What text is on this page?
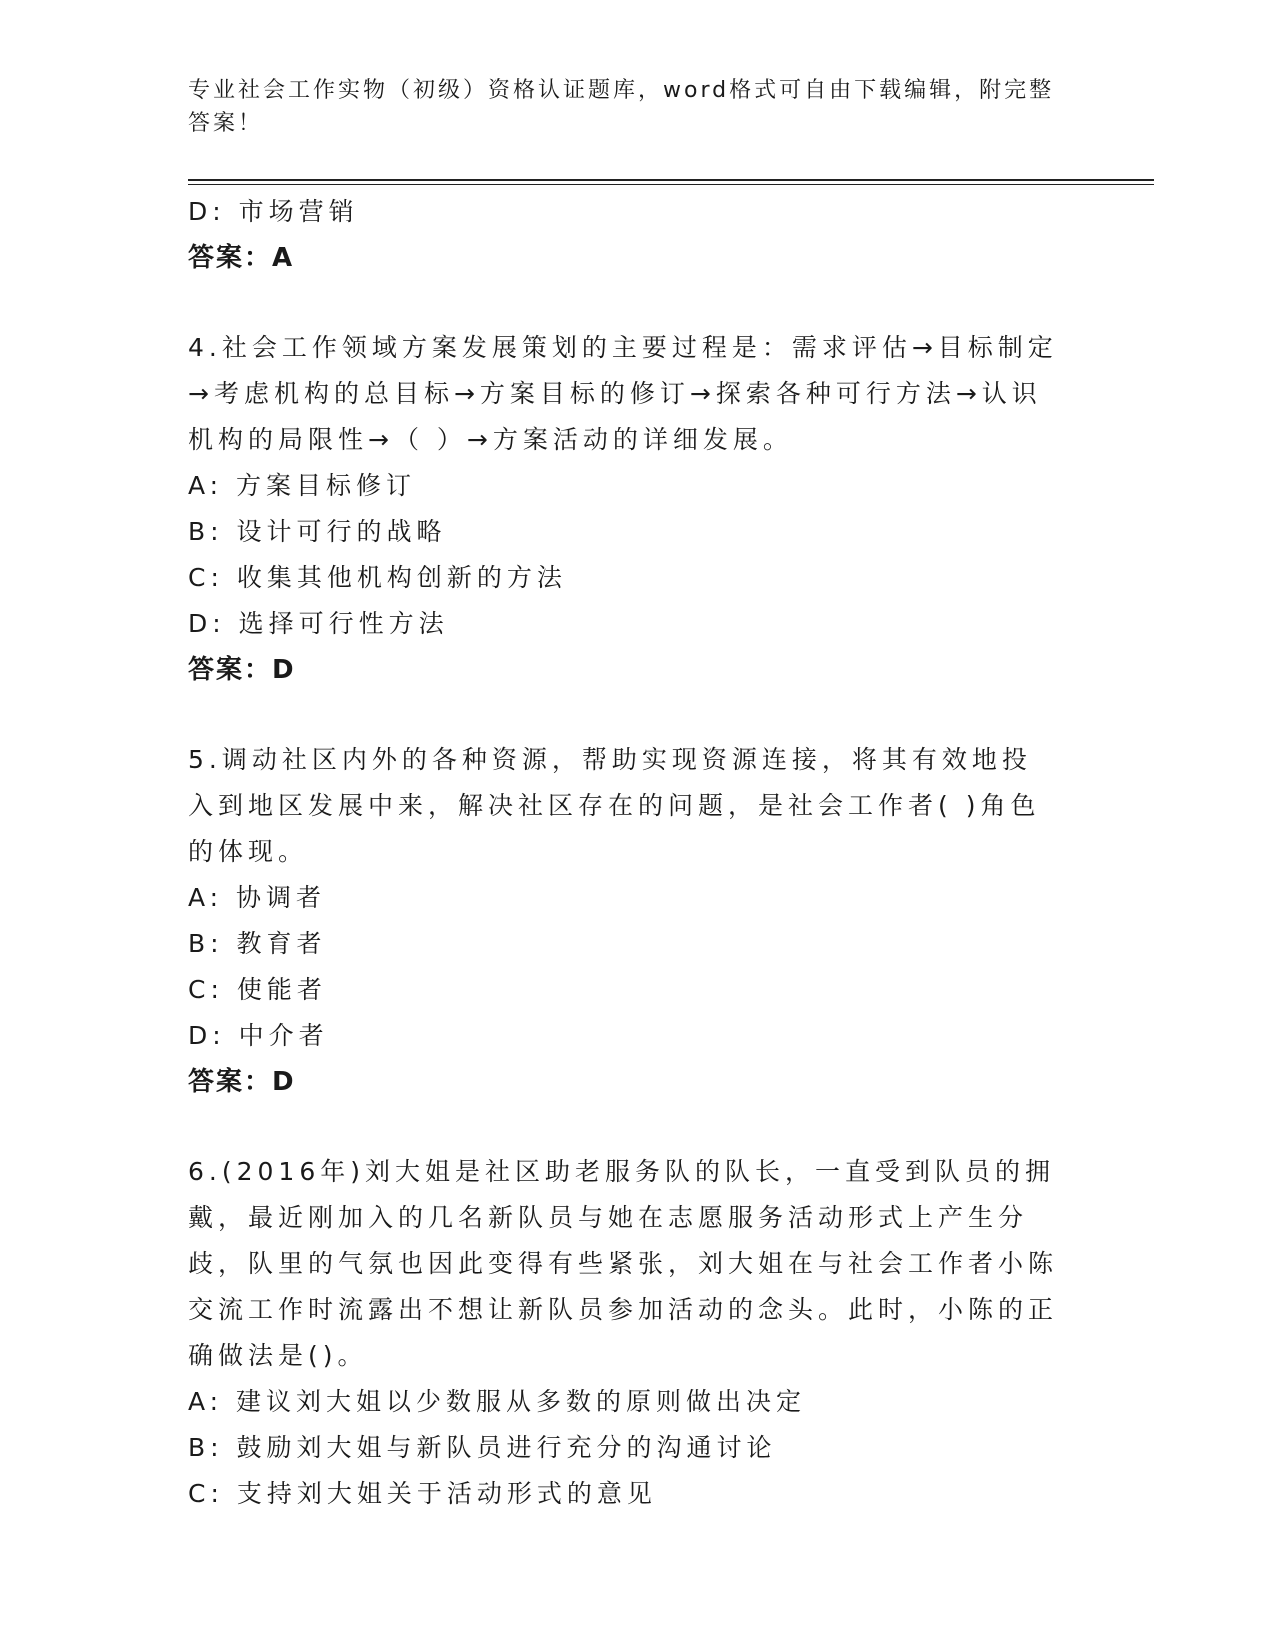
专业社会工作实物（初级）资格认证题库，word格式可自由下载编辑，附完整答案！
D: 市场营销
答案：A
4.社会工作领域方案发展策划的主要过程是：需求评估→目标制定→考虑机构的总目标→方案目标的修订→探索各种可行方法→认识机构的局限性→（ ）→方案活动的详细发展。
A: 方案目标修订
B: 设计可行的战略
C: 收集其他机构创新的方法
D: 选择可行性方法
答案：D
5.调动社区内外的各种资源，帮助实现资源连接，将其有效地投入到地区发展中来，解决社区存在的问题，是社会工作者( )角色的体现。
A: 协调者
B: 教育者
C: 使能者
D: 中介者
答案：D
6.(2016年)刘大姐是社区助老服务队的队长，一直受到队员的拥戴，最近刚加入的几名新队员与她在志愿服务活动形式上产生分歧，队里的气氛也因此变得有些紧张，刘大姐在与社会工作者小陈交流工作时流露出不想让新队员参加活动的念头。此时，小陈的正确做法是()。
A: 建议刘大姐以少数服从多数的原则做出决定
B: 鼓励刘大姐与新队员进行充分的沟通讨论
C: 支持刘大姐关于活动形式的意见
